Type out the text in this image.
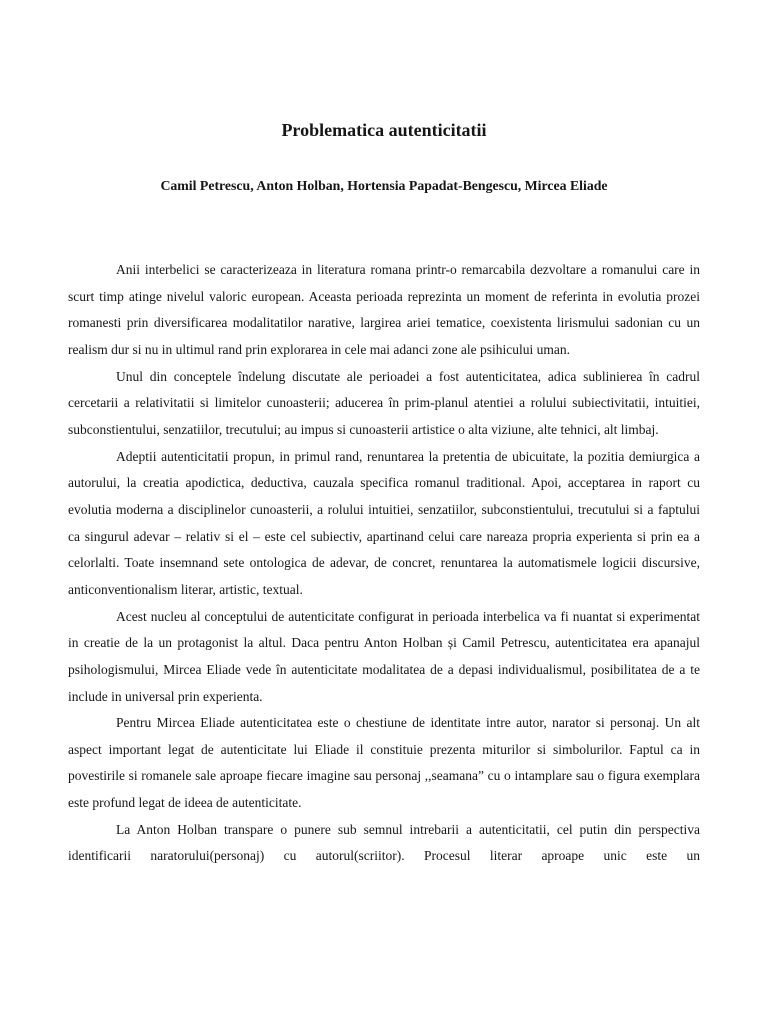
Problematica autenticitatii
Camil Petrescu, Anton Holban, Hortensia Papadat-Bengescu, Mircea Eliade

Anii interbelici se caracterizeaza in literatura romana printr-o remarcabila dezvoltare a romanului care in scurt timp atinge nivelul valoric european. Aceasta perioada reprezinta un moment de referinta in evolutia prozei romanesti prin diversificarea modalitatilor narative, largirea ariei tematice, coexistenta lirismului sadonian cu un realism dur si nu in ultimul rand prin explorarea in cele mai adanci zone ale psihicului uman.

Unul din conceptele îndelung discutate ale perioadei a fost autenticitatea, adica sublinierea în cadrul cercetarii a relativitatii si limitelor cunoasterii; aducerea în prim-planul atentiei a rolului subiectivitatii, intuitiei, subconstientului, senzatiilor, trecutului; au impus si cunoasterii artistice o alta viziune, alte tehnici, alt limbaj.

Adeptii autenticitatii propun, in primul rand, renuntarea la pretentia de ubicuitate, la pozitia demiurgica a autorului, la creatia apodictica, deductiva, cauzala specifica romanul traditional. Apoi, acceptarea in raport cu evolutia moderna a disciplinelor cunoasterii, a rolului intuitiei, senzatiilor, subconstientului, trecutului si a faptului ca singurul adevar – relativ si el – este cel subiectiv, apartinand celui care nareaza propria experienta si prin ea a celorlalti. Toate insemnand sete ontologica de adevar, de concret, renuntarea la automatismele logicii discursive, anticonventionalism literar, artistic, textual.

Acest nucleu al conceptului de autenticitate configurat in perioada interbelica va fi nuantat si experimentat in creatie de la un protagonist la altul. Daca pentru Anton Holban și Camil Petrescu, autenticitatea era apanajul psihologismului, Mircea Eliade vede în autenticitate modalitatea de a depasi individualismul, posibilitatea de a te include in universal prin experienta.

Pentru Mircea Eliade autenticitatea este o chestiune de identitate intre autor, narator si personaj. Un alt aspect important legat de autenticitate lui Eliade il constituie prezenta miturilor si simbolurilor. Faptul ca in povestirile si romanele sale aproape fiecare imagine sau personaj ,,seamana” cu o intamplare sau o figura exemplara este profund legat de ideea de autenticitate.

La Anton Holban transpare o punere sub semnul intrebarii a autenticitatii, cel putin din perspectiva identificarii naratorului(personaj) cu autorul(scriitor). Procesul literar aproape unic este un
